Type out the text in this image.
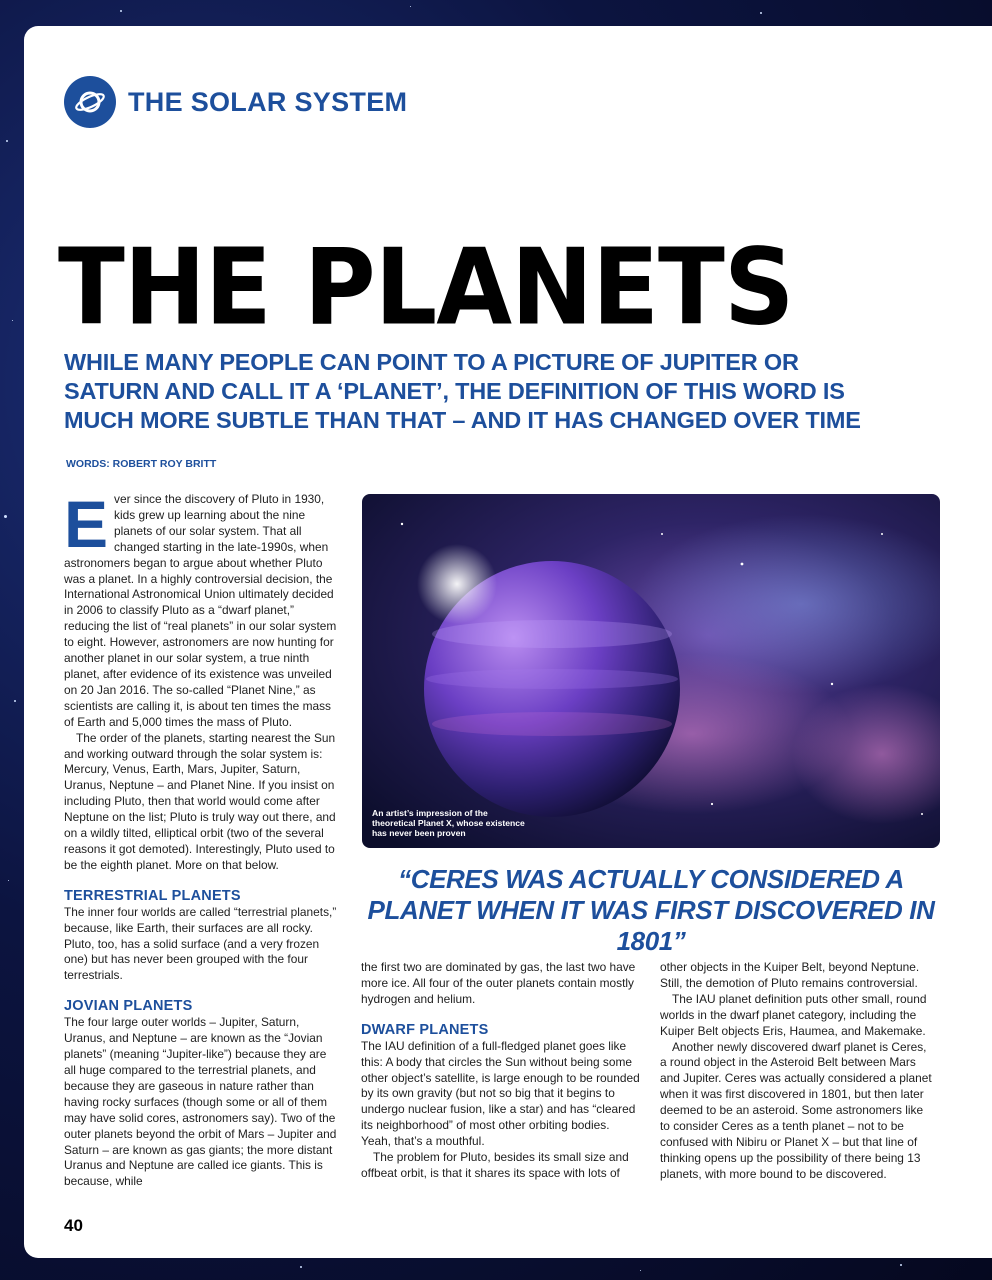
THE SOLAR SYSTEM
THE PLANETS

WHILE MANY PEOPLE CAN POINT TO A PICTURE OF JUPITER OR SATURN AND CALL IT A ‘PLANET’, THE DEFINITION OF THIS WORD IS MUCH MORE SUBTLE THAN THAT – AND IT HAS CHANGED OVER TIME

WORDS: ROBERT ROY BRITT

Ever since the discovery of Pluto in 1930, kids grew up learning about the nine planets of our solar system. That all changed starting in the late-1990s, when astronomers began to argue about whether Pluto was a planet. In a highly controversial decision, the International Astronomical Union ultimately decided in 2006 to classify Pluto as a “dwarf planet,” reducing the list of “real planets” in our solar system to eight. However, astronomers are now hunting for another planet in our solar system, a true ninth planet, after evidence of its existence was unveiled on 20 Jan 2016. The so-called “Planet Nine,” as scientists are calling it, is about ten times the mass of Earth and 5,000 times the mass of Pluto.

The order of the planets, starting nearest the Sun and working outward through the solar system is: Mercury, Venus, Earth, Mars, Jupiter, Saturn, Uranus, Neptune – and Planet Nine. If you insist on including Pluto, then that world would come after Neptune on the list; Pluto is truly way out there, and on a wildly tilted, elliptical orbit (two of the several reasons it got demoted). Interestingly, Pluto used to be the eighth planet. More on that below.

TERRESTRIAL PLANETS

The inner four worlds are called “terrestrial planets,” because, like Earth, their surfaces are all rocky. Pluto, too, has a solid surface (and a very frozen one) but has never been grouped with the four terrestrials.

JOVIAN PLANETS

The four large outer worlds – Jupiter, Saturn, Uranus, and Neptune – are known as the “Jovian planets” (meaning “Jupiter-like”) because they are all huge compared to the terrestrial planets, and because they are gaseous in nature rather than having rocky surfaces (though some or all of them may have solid cores, astronomers say). Two of the outer planets beyond the orbit of Mars – Jupiter and Saturn – are known as gas giants; the more distant Uranus and Neptune are called ice giants. This is because, while

An artist’s impression of the theoretical Planet X, whose existence has never been proven

“CERES WAS ACTUALLY CONSIDERED A PLANET WHEN IT WAS FIRST DISCOVERED IN 1801”

the first two are dominated by gas, the last two have more ice. All four of the outer planets contain mostly hydrogen and helium.

DWARF PLANETS

The IAU definition of a full-fledged planet goes like this: A body that circles the Sun without being some other object’s satellite, is large enough to be rounded by its own gravity (but not so big that it begins to undergo nuclear fusion, like a star) and has “cleared its neighborhood” of most other orbiting bodies. Yeah, that’s a mouthful.

The problem for Pluto, besides its small size and offbeat orbit, is that it shares its space with lots of

other objects in the Kuiper Belt, beyond Neptune. Still, the demotion of Pluto remains controversial.

The IAU planet definition puts other small, round worlds in the dwarf planet category, including the Kuiper Belt objects Eris, Haumea, and Makemake.

Another newly discovered dwarf planet is Ceres, a round object in the Asteroid Belt between Mars and Jupiter. Ceres was actually considered a planet when it was first discovered in 1801, but then later deemed to be an asteroid. Some astronomers like to consider Ceres as a tenth planet – not to be confused with Nibiru or Planet X – but that line of thinking opens up the possibility of there being 13 planets, with more bound to be discovered.

40
